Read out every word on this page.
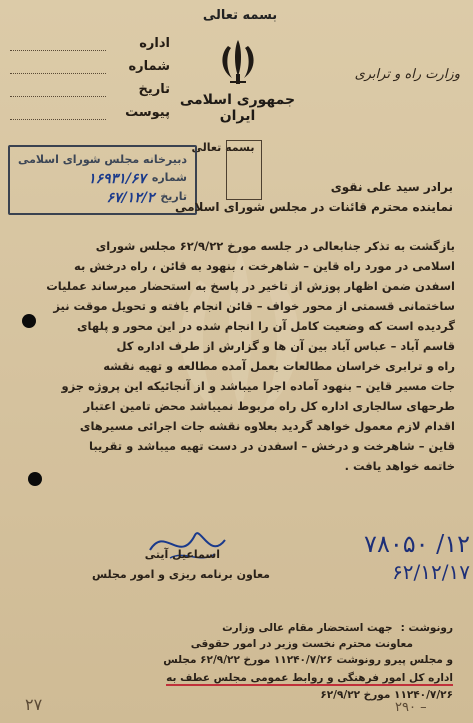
وزارت راه و ترابری
بسمه تعالی
جمهوری اسلامی ایران
اداره
شماره
تاریخ
پیوست
بسمه تعالی
دبیرخانه مجلس شورای اسلامی
شماره
۱۶۹۳۱/۶۷
تاریخ
۶۷/۱۲/۲
برادر سید علی نقوی
نماینده محترم قائنات در مجلس شورای اسلامی
بازگشت به تذکر جنابعالی در جلسه مورخ ۶۲/۹/۲۲ مجلس شورای
اسلامی در مورد راه قاین – شاهرخت ، بنهود به قائن ، راه درخش به
اسفدن ضمن اظهار پوزش از تاخیر در پاسخ به استحضار میرساند عملیات
ساختمانی قسمتی از محور خواف – قائن انجام یافته و تحویل موقت نیز
گردیده است که وضعیت کامل آن را انجام شده در این محور و پلهای
قاسم آباد – عباس آباد بین آن ها و گزارش از طرف اداره کل
راه و ترابری خراسان مطالعات بعمل آمده مطالعه و تهیه نقشه
جات مسیر قاین – بنهود آماده اجرا میباشد و از آنجائیکه این پروژه جزو
طرحهای سالجاری اداره کل راه مربوط نمیباشد محض تامین اعتبار
اقدام لازم معمول خواهد گردید بعلاوه نقشه جات اجرائی مسیرهای
قاین – شاهرخت و درخش – اسفدن در دست تهیه میباشد و تقریبا
خاتمه خواهد یافت .
اسماعیل آیتی
معاون برنامه ریزی و امور مجلس
۷۸۰۵۰ /۱۲
۶۲/۱۲/۱۷
رونوشت :
جهت استحضار مقام عالی وزارت
معاونت محترم نخست وزیر در امور حقوقی
و مجلس پیرو رونوشت ۱۱۲۴۰/۷/۲۶ مورخ ۶۲/۹/۲۲ مجلس
اداره کل امور فرهنگی و روابط عمومی مجلس عطف به
۱۱۲۴۰/۷/۲۶ مورخ ۶۲/۹/۲۲
۲۷	۲۹۰ –
